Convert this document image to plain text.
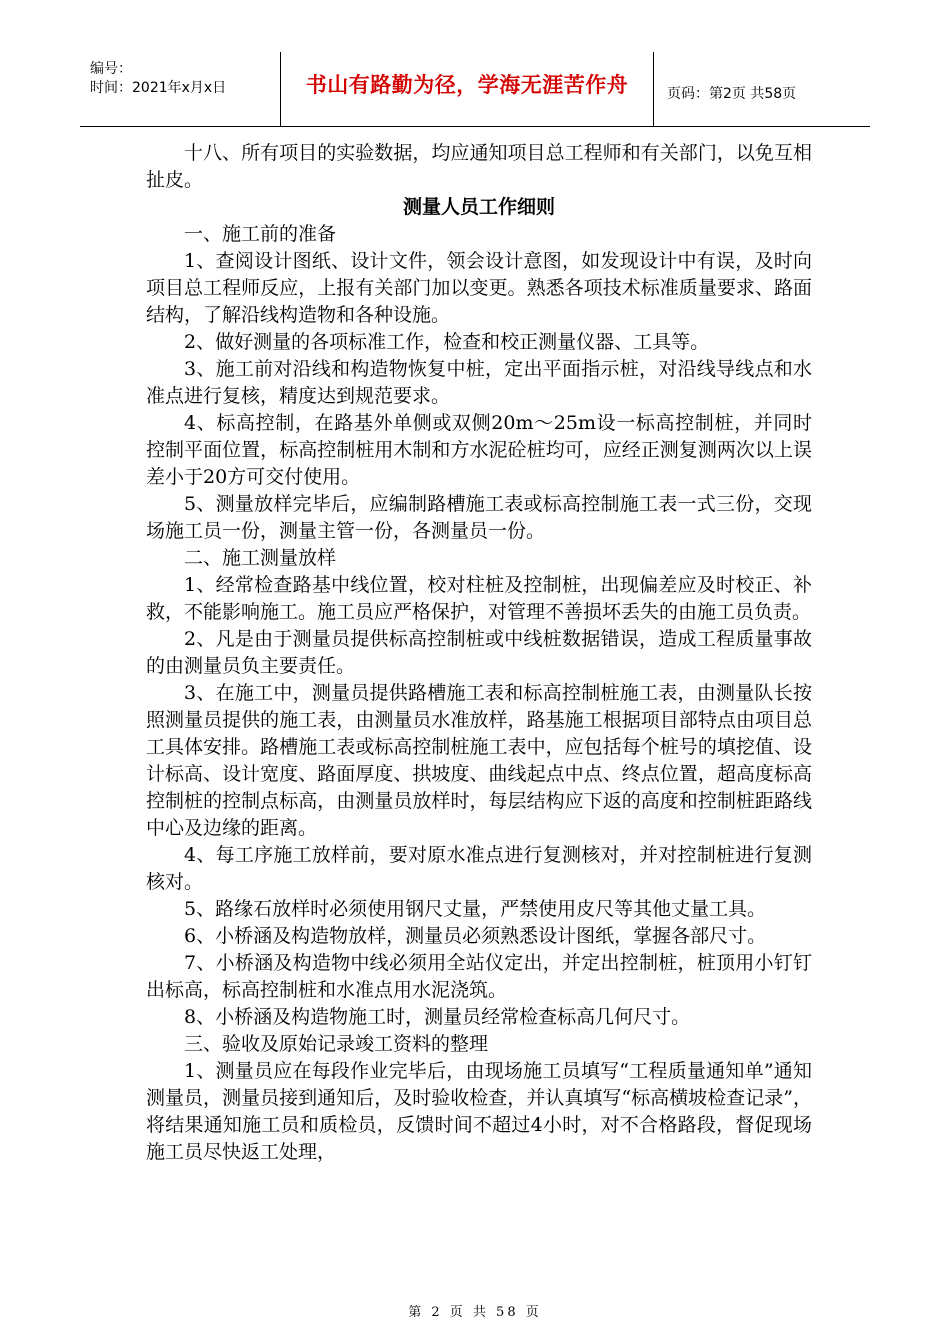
编号：
时间：2021年x月x日	书山有路勤为径，学海无涯苦作舟	页码：第2页 共58页

十八、所有项目的实验数据，均应通知项目总工程师和有关部门，以免互相扯皮。

测量人员工作细则

一、施工前的准备

1、查阅设计图纸、设计文件，领会设计意图，如发现设计中有误，及时向项目总工程师反应，上报有关部门加以变更。熟悉各项技术标准质量要求、路面结构，了解沿线构造物和各种设施。

2、做好测量的各项标准工作，检查和校正测量仪器、工具等。

3、施工前对沿线和构造物恢复中桩，定出平面指示桩，对沿线导线点和水准点进行复核，精度达到规范要求。

4、标高控制，在路基外单侧或双侧20m～25m设一标高控制桩，并同时控制平面位置，标高控制桩用木制和方水泥砼桩均可，应经正测复测两次以上误差小于20方可交付使用。

5、测量放样完毕后，应编制路槽施工表或标高控制施工表一式三份，交现场施工员一份，测量主管一份，各测量员一份。

二、施工测量放样

1、经常检查路基中线位置，校对柱桩及控制桩，出现偏差应及时校正、补救，不能影响施工。施工员应严格保护，对管理不善损坏丢失的由施工员负责。

2、凡是由于测量员提供标高控制桩或中线桩数据错误，造成工程质量事故的由测量员负主要责任。

3、在施工中，测量员提供路槽施工表和标高控制桩施工表，由测量队长按照测量员提供的施工表，由测量员水准放样，路基施工根据项目部特点由项目总工具体安排。路槽施工表或标高控制桩施工表中，应包括每个桩号的填挖值、设计标高、设计宽度、路面厚度、拱坡度、曲线起点中点、终点位置，超高度标高控制桩的控制点标高，由测量员放样时，每层结构应下返的高度和控制桩距路线中心及边缘的距离。

4、每工序施工放样前，要对原水准点进行复测核对，并对控制桩进行复测核对。

5、路缘石放样时必须使用钢尺丈量，严禁使用皮尺等其他丈量工具。

6、小桥涵及构造物放样，测量员必须熟悉设计图纸，掌握各部尺寸。

7、小桥涵及构造物中线必须用全站仪定出，并定出控制桩，桩顶用小钉钉出标高，标高控制桩和水准点用水泥浇筑。

8、小桥涵及构造物施工时，测量员经常检查标高几何尺寸。

三、验收及原始记录竣工资料的整理

1、测量员应在每段作业完毕后，由现场施工员填写“工程质量通知单”通知测量员，测量员接到通知后，及时验收检查，并认真填写“标高横坡检查记录”，将结果通知施工员和质检员，反馈时间不超过4小时，对不合格路段，督促现场施工员尽快返工处理，

第 2 页 共 58 页
